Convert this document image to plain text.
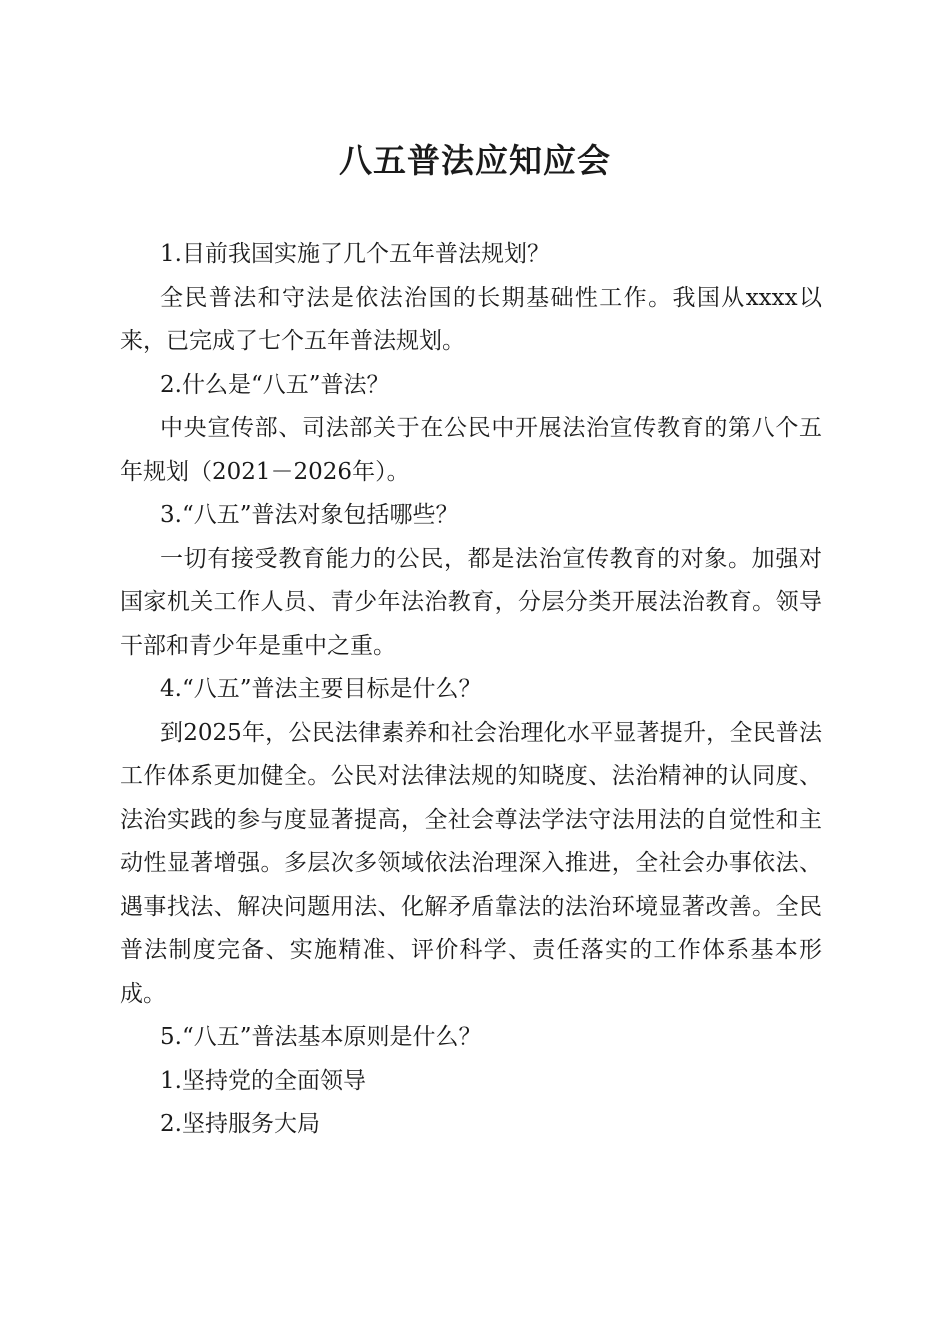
八五普法应知应会

1.目前我国实施了几个五年普法规划？

全民普法和守法是依法治国的长期基础性工作。我国从xxxx以来，已完成了七个五年普法规划。

2.什么是“八五”普法？

中央宣传部、司法部关于在公民中开展法治宣传教育的第八个五年规划（2021－2026年）。

3.“八五”普法对象包括哪些？

一切有接受教育能力的公民，都是法治宣传教育的对象。加强对国家机关工作人员、青少年法治教育，分层分类开展法治教育。领导干部和青少年是重中之重。

4.“八五”普法主要目标是什么？

到2025年，公民法律素养和社会治理化水平显著提升，全民普法工作体系更加健全。公民对法律法规的知晓度、法治精神的认同度、法治实践的参与度显著提高，全社会尊法学法守法用法的自觉性和主动性显著增强。多层次多领域依法治理深入推进，全社会办事依法、遇事找法、解决问题用法、化解矛盾靠法的法治环境显著改善。全民普法制度完备、实施精准、评价科学、责任落实的工作体系基本形成。

5.“八五”普法基本原则是什么？

1.坚持党的全面领导

2.坚持服务大局
